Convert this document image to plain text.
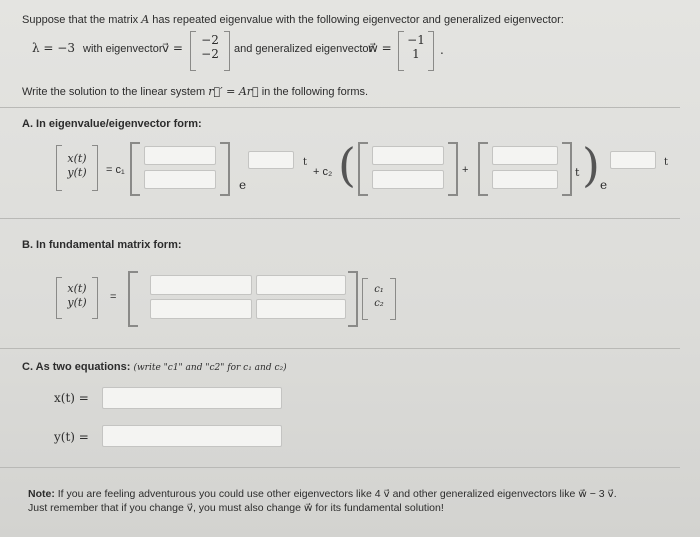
Suppose that the matrix A has repeated eigenvalue with the following eigenvector and generalized eigenvector:
λ = −3 with eigenvector v⃗ =
−2
−2	and generalized eigenvector
w⃗ =
−1
1	.
Write the solution to the linear system r⃗′ = Ar⃗ in the following forms.
A. In eigenvalue/eigenvector form:
x(t)
y(t)	= c₁
e
t
+ c₂ (	+	t ) e
t
B. In fundamental matrix form:
x(t)
y(t)	=
c₁
c₂
C. As two equations: (write "c1" and "c2" for c₁ and c₂)
x(t) =
y(t) =
Note: If you are feeling adventurous you could use other eigenvectors like 4 v⃗ and other generalized eigenvectors like w⃗ − 3 v⃗.
Just remember that if you change v⃗, you must also change w⃗ for its fundamental solution!
